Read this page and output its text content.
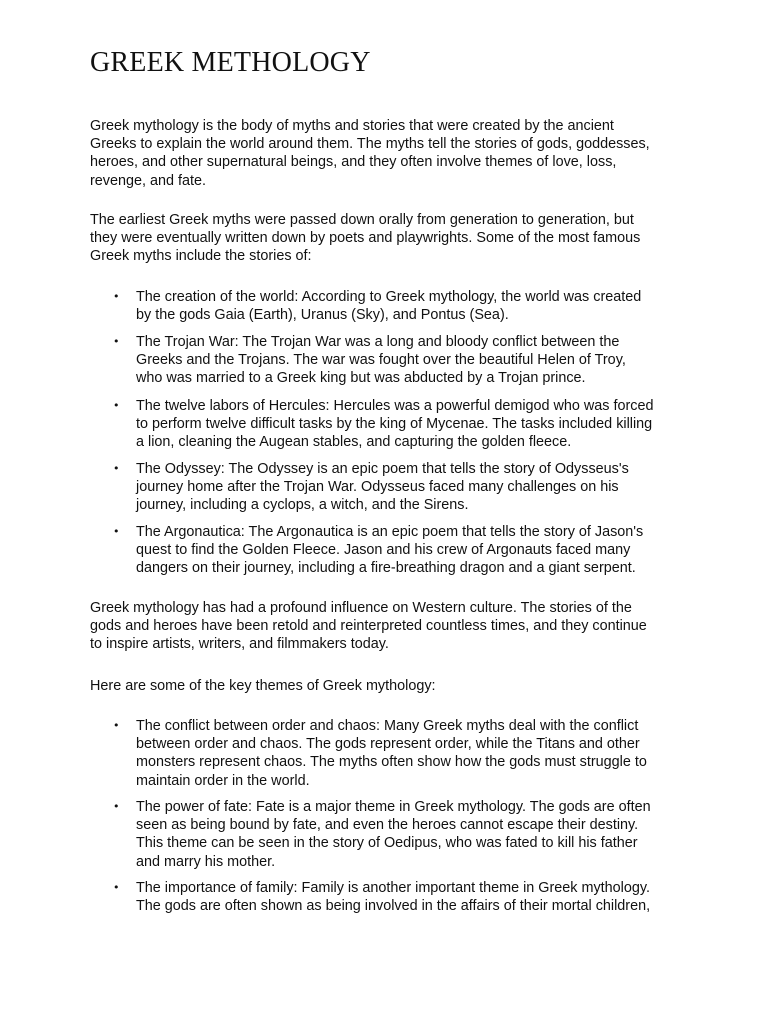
GREEK METHOLOGY

Greek mythology is the body of myths and stories that were created by the ancient
Greeks to explain the world around them. The myths tell the stories of gods, goddesses,
heroes, and other supernatural beings, and they often involve themes of love, loss,
revenge, and fate.

The earliest Greek myths were passed down orally from generation to generation, but
they were eventually written down by poets and playwrights. Some of the most famous
Greek myths include the stories of:

• The creation of the world: According to Greek mythology, the world was created
by the gods Gaia (Earth), Uranus (Sky), and Pontus (Sea).
• The Trojan War: The Trojan War was a long and bloody conflict between the
Greeks and the Trojans. The war was fought over the beautiful Helen of Troy,
who was married to a Greek king but was abducted by a Trojan prince.
• The twelve labors of Hercules: Hercules was a powerful demigod who was forced
to perform twelve difficult tasks by the king of Mycenae. The tasks included killing
a lion, cleaning the Augean stables, and capturing the golden fleece.
• The Odyssey: The Odyssey is an epic poem that tells the story of Odysseus's
journey home after the Trojan War. Odysseus faced many challenges on his
journey, including a cyclops, a witch, and the Sirens.
• The Argonautica: The Argonautica is an epic poem that tells the story of Jason's
quest to find the Golden Fleece. Jason and his crew of Argonauts faced many
dangers on their journey, including a fire-breathing dragon and a giant serpent.

Greek mythology has had a profound influence on Western culture. The stories of the
gods and heroes have been retold and reinterpreted countless times, and they continue
to inspire artists, writers, and filmmakers today.

Here are some of the key themes of Greek mythology:

• The conflict between order and chaos: Many Greek myths deal with the conflict
between order and chaos. The gods represent order, while the Titans and other
monsters represent chaos. The myths often show how the gods must struggle to
maintain order in the world.
• The power of fate: Fate is a major theme in Greek mythology. The gods are often
seen as being bound by fate, and even the heroes cannot escape their destiny.
This theme can be seen in the story of Oedipus, who was fated to kill his father
and marry his mother.
• The importance of family: Family is another important theme in Greek mythology.
The gods are often shown as being involved in the affairs of their mortal children,
